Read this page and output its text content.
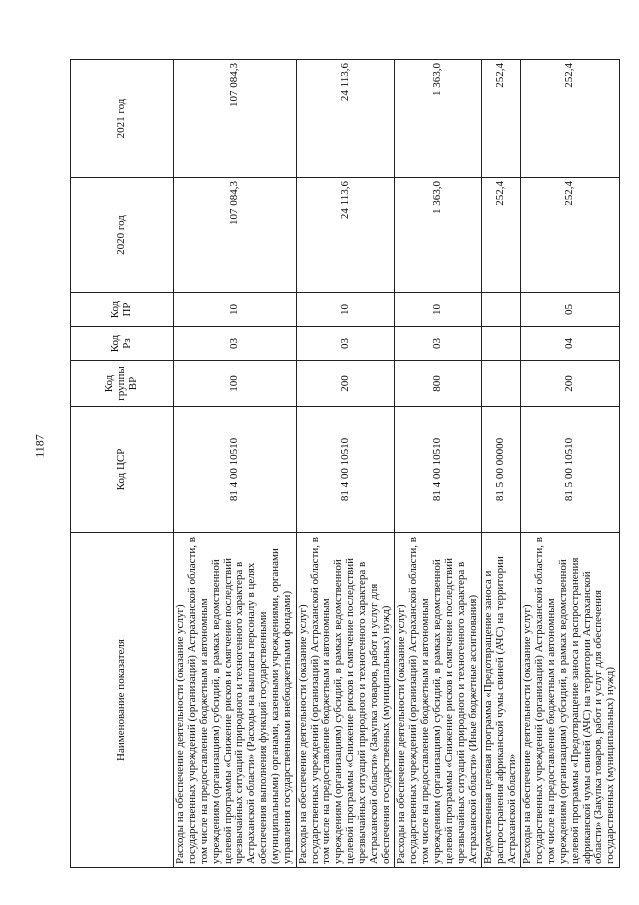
1187
Наименование показателя	Код ЦСР	Код группы ВР	Код Рз	Код ПР	2020 год	2021 год
Расходы на обеспечение деятельности (оказание услуг) государственных учреждений (организаций) Астраханской области, в том числе на предоставление бюджетным и автономным учреждениям (организациям) субсидий, в рамках ведомственной целевой программы «Снижение рисков и смягчение последствий чрезвычайных ситуаций природного и техногенного характера в Астраханской области» (Расходы на выплаты персоналу в целях обеспечения выполнения функций государственными (муниципальными) органами, казенными учреждениями, органами управления государственными внебюджетными фондами)	81 4 00 10510	100	03	10	107 084,3	107 084,3
Расходы на обеспечение деятельности (оказание услуг) государственных учреждений (организаций) Астраханской области, в том числе на предоставление бюджетным и автономным учреждениям (организациям) субсидий, в рамках ведомственной целевой программы «Снижение рисков и смягчение последствий чрезвычайных ситуаций природного и техногенного характера в Астраханской области» (Закупка товаров, работ и услуг для обеспечения государственных (муниципальных) нужд)	81 4 00 10510	200	03	10	24 113,6	24 113,6
Расходы на обеспечение деятельности (оказание услуг) государственных учреждений (организаций) Астраханской области, в том числе на предоставление бюджетным и автономным учреждениям (организациям) субсидий, в рамках ведомственной целевой программы «Снижение рисков и смягчение последствий чрезвычайных ситуаций природного и техногенного характера в Астраханской области» (Иные бюджетные ассигнования)	81 4 00 10510	800	03	10	1 363,0	1 363,0
Ведомственная целевая программа «Предотвращение заноса и распространения африканской чумы свиней (АЧС) на территории Астраханской области»	81 5 00 00000				252,4	252,4
Расходы на обеспечение деятельности (оказание услуг) государственных учреждений (организаций) Астраханской области, в том числе на предоставление бюджетным и автономным учреждениям (организациям) субсидий, в рамках ведомственной целевой программы «Предотвращение заноса и распространения африканской чумы свиней (АЧС) на территории Астраханской области» (Закупка товаров, работ и услуг для обеспечения государственных (муниципальных) нужд)	81 5 00 10510	200	04	05	252,4	252,4
